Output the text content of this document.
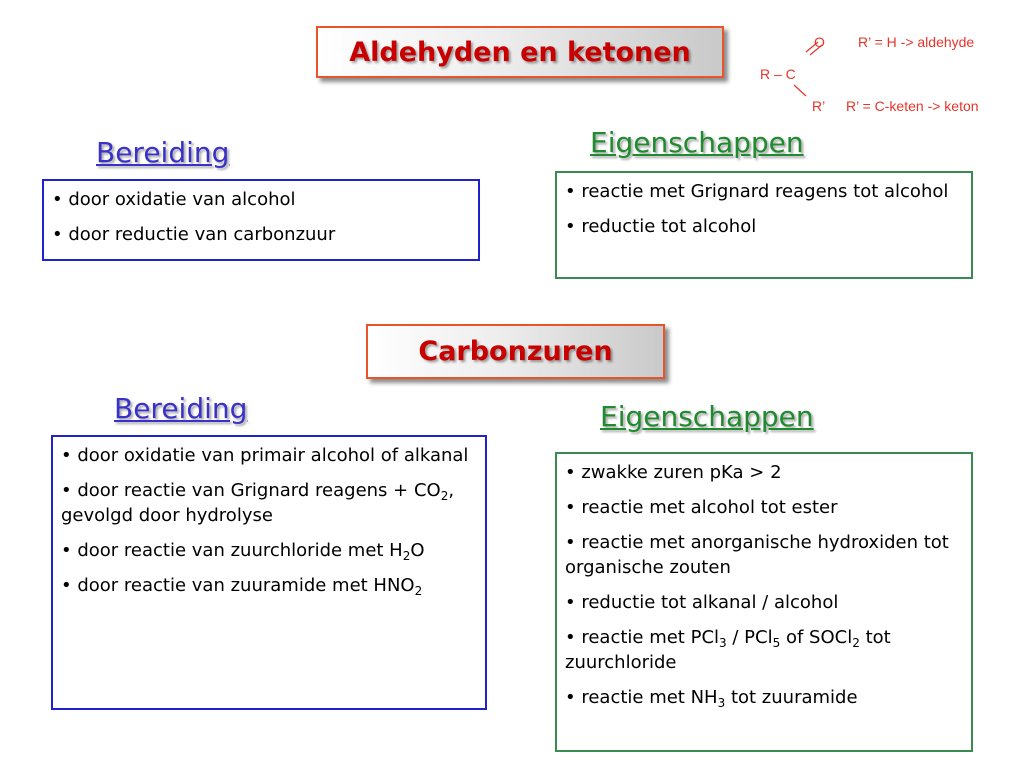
Aldehyden en ketonen	O
R – C
R’
R’ = H -> aldehyde
R’ = C-keten -> keton
Bereiding	Eigenschappen

• door oxidatie van alcohol

• door reductie van carbonzuur

• reactie met Grignard reagens tot alcohol

• reductie tot alcohol

Carbonzuren
Bereiding	Eigenschappen

• door oxidatie van primair alcohol of alkanal

• door reactie van Grignard reagens + $CO_2$, gevolgd door hydrolyse

• door reactie van zuurchloride met $H_2O$

• door reactie van zuuramide met $HNO_2$

• zwakke zuren pKa > 2

• reactie met alcohol tot ester

• reactie met anorganische hydroxiden tot organische zouten

• reductie tot alkanal / alcohol

• reactie met PCl$_3$ / PCl$_5$ of SOCl$_2$ tot zuurchloride

• reactie met $NH_3$ tot zuuramide
